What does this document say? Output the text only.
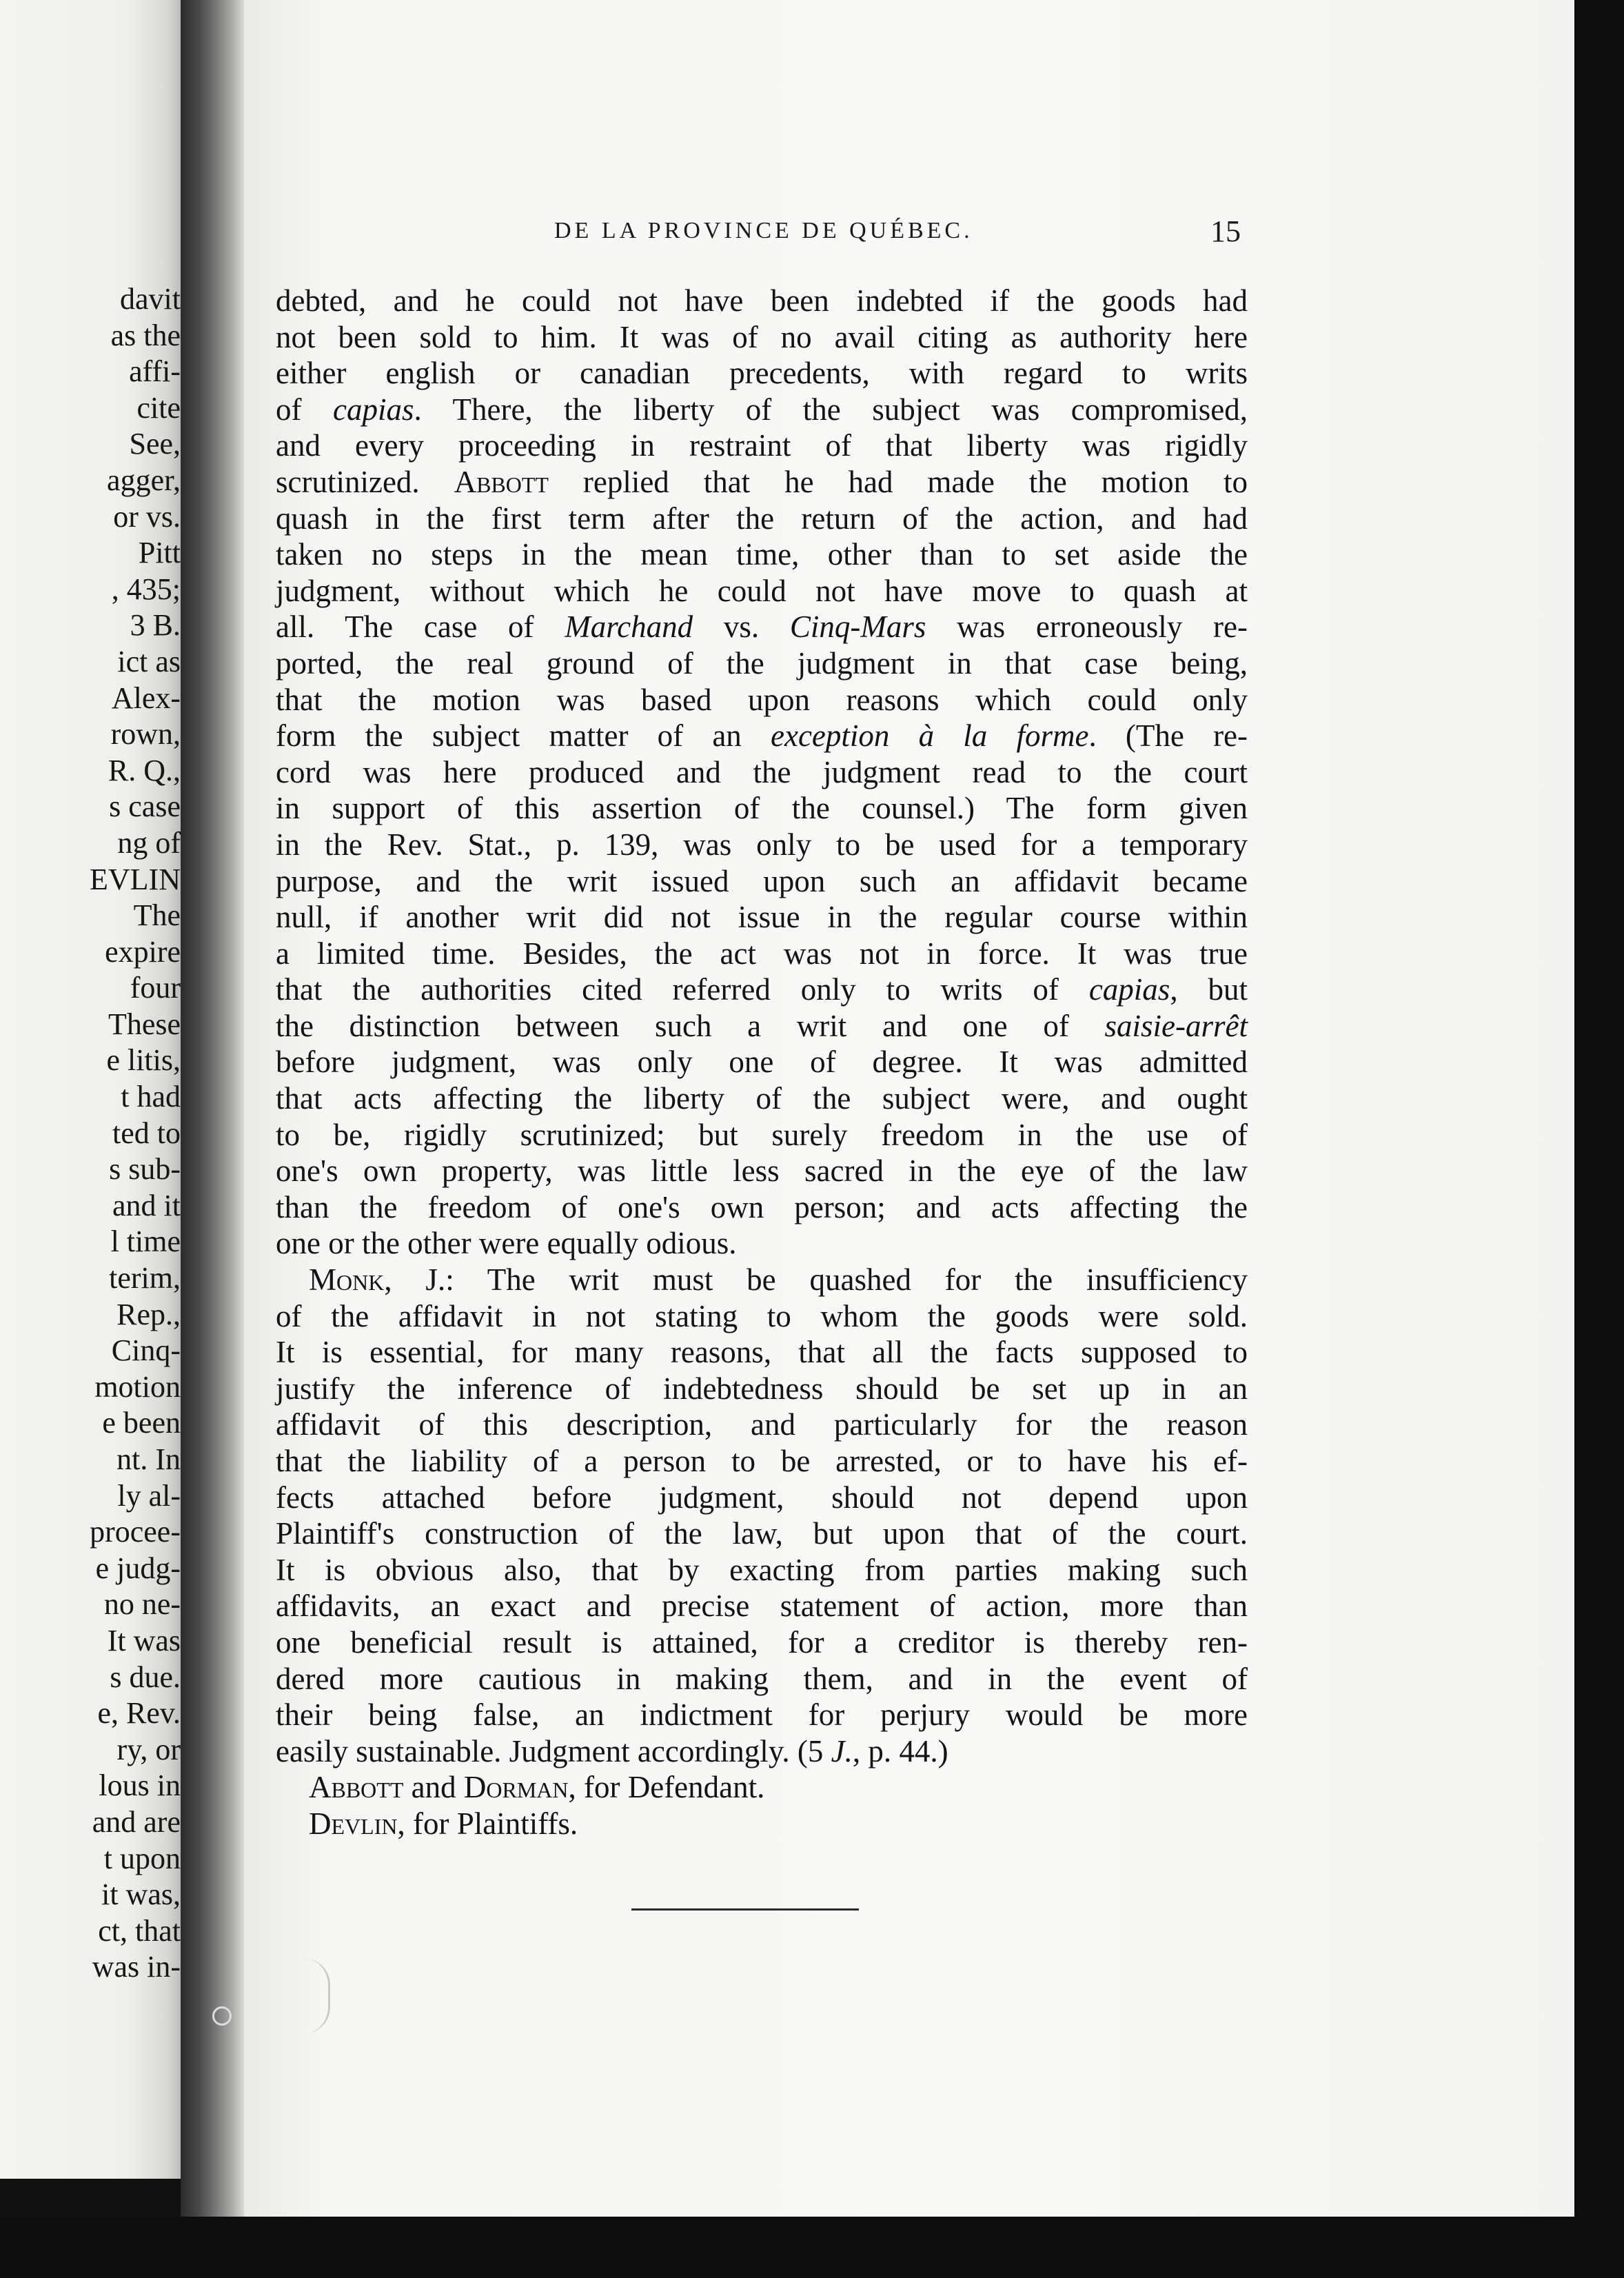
davit
as the
affi-
cite
See,
agger,
or vs.
Pitt
, 435;
3 B.
ict as
Alex-
rown,
R. Q.,
s case
ng of
EVLIN
The
expire
four
These
e litis,
t had
ted to
s sub-
and it
l time
terim,
Rep.,
Cinq-
motion
e been
nt. In
ly al-
procee-
e judg-
no ne-
It was
s due.
e, Rev.
ry, or
lous in
and are
t upon
it was,
ct, that
was in-
DE LA PROVINCE DE QUÉBEC.	15
debted, and he could not have been indebted if the goods had
not been sold to him. It was of no avail citing as authority here
either english or canadian precedents, with regard to writs
of capias. There, the liberty of the subject was compromised,
and every proceeding in restraint of that liberty was rigidly
scrutinized. Abbott replied that he had made the motion to
quash in the first term after the return of the action, and had
taken no steps in the mean time, other than to set aside the
judgment, without which he could not have move to quash at
all. The case of Marchand vs. Cinq-Mars was erroneously re-
ported, the real ground of the judgment in that case being,
that the motion was based upon reasons which could only
form the subject matter of an exception à la forme. (The re-
cord was here produced and the judgment read to the court
in support of this assertion of the counsel.) The form given
in the Rev. Stat., p. 139, was only to be used for a temporary
purpose, and the writ issued upon such an affidavit became
null, if another writ did not issue in the regular course within
a limited time. Besides, the act was not in force. It was true
that the authorities cited referred only to writs of capias, but
the distinction between such a writ and one of saisie-arrêt
before judgment, was only one of degree. It was admitted
that acts affecting the liberty of the subject were, and ought
to be, rigidly scrutinized; but surely freedom in the use of
one's own property, was little less sacred in the eye of the law
than the freedom of one's own person; and acts affecting the
one or the other were equally odious.
Monk, J.: The writ must be quashed for the insufficiency
of the affidavit in not stating to whom the goods were sold.
It is essential, for many reasons, that all the facts supposed to
justify the inference of indebtedness should be set up in an
affidavit of this description, and particularly for the reason
that the liability of a person to be arrested, or to have his ef-
fects attached before judgment, should not depend upon
Plaintiff's construction of the law, but upon that of the court.
It is obvious also, that by exacting from parties making such
affidavits, an exact and precise statement of action, more than
one beneficial result is attained, for a creditor is thereby ren-
dered more cautious in making them, and in the event of
their being false, an indictment for perjury would be more
easily sustainable. Judgment accordingly. (5 J., p. 44.)
Abbott and Dorman, for Defendant.
Devlin, for Plaintiffs.
